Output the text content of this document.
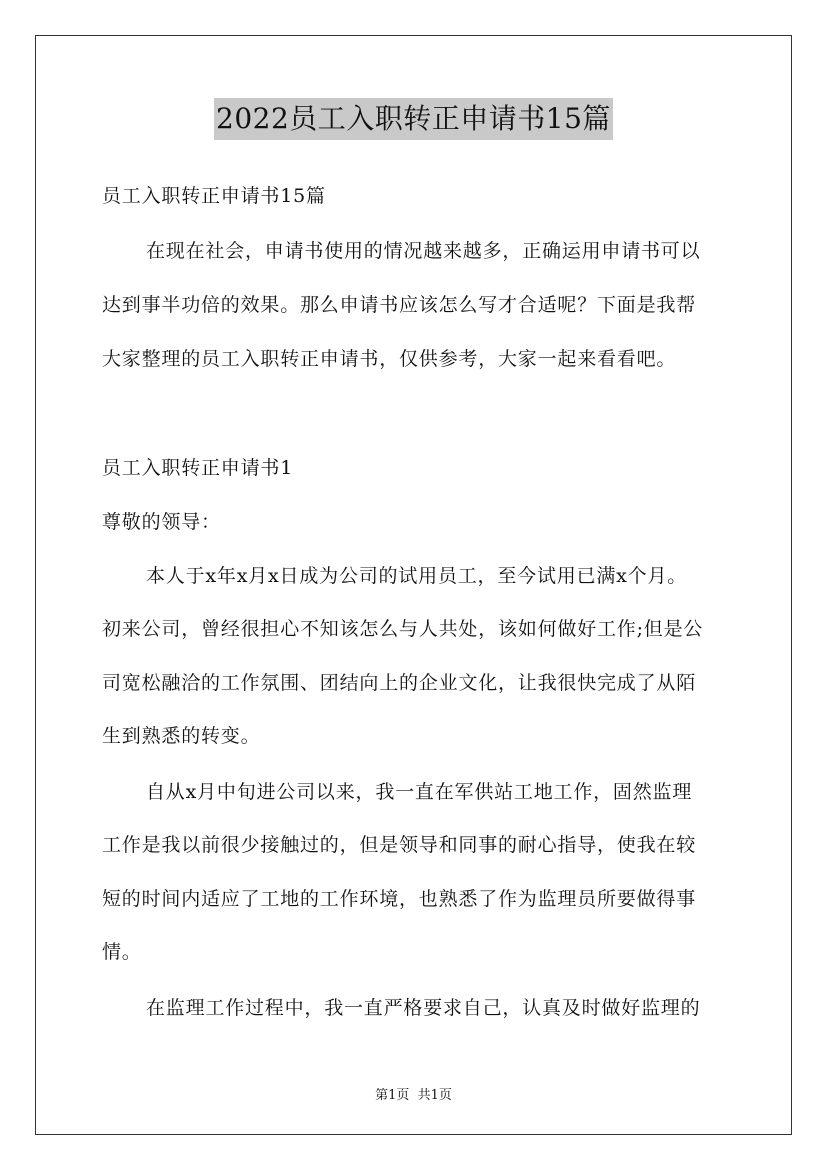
2022员工入职转正申请书15篇
员工入职转正申请书15篇
在现在社会，申请书使用的情况越来越多，正确运用申请书可以
达到事半功倍的效果。那么申请书应该怎么写才合适呢？下面是我帮
大家整理的员工入职转正申请书，仅供参考，大家一起来看看吧。
员工入职转正申请书1
尊敬的领导：
本人于x年x月x日成为公司的试用员工，至今试用已满x个月。
初来公司，曾经很担心不知该怎么与人共处，该如何做好工作;但是公
司宽松融洽的工作氛围、团结向上的企业文化，让我很快完成了从陌
生到熟悉的转变。
自从x月中旬进公司以来，我一直在军供站工地工作，固然监理
工作是我以前很少接触过的，但是领导和同事的耐心指导，使我在较
短的时间内适应了工地的工作环境，也熟悉了作为监理员所要做得事
情。
在监理工作过程中，我一直严格要求自己，认真及时做好监理的
第1页  共1页
